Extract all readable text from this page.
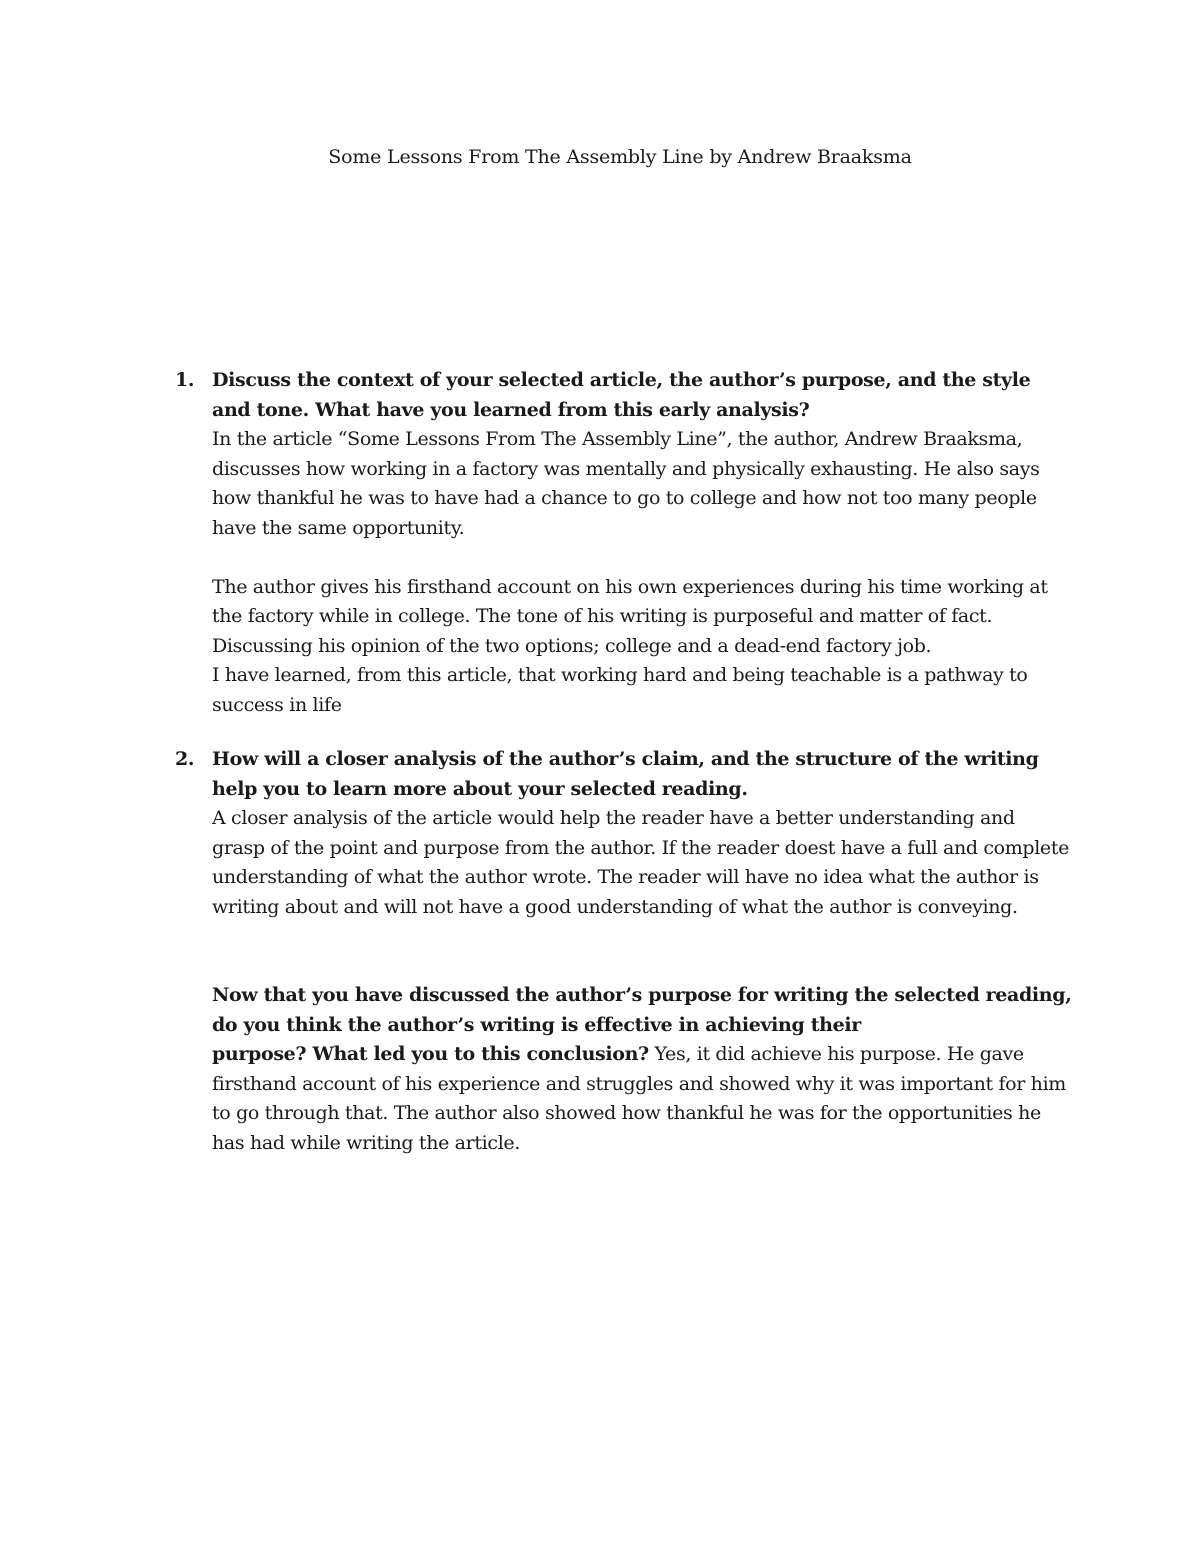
Some Lessons From The Assembly Line by Andrew Braaksma
1. Discuss the context of your selected article, the author’s purpose, and the style and tone. What have you learned from this early analysis?

In the article “Some Lessons From The Assembly Line”, the author, Andrew Braaksma, discusses how working in a factory was mentally and physically exhausting. He also says how thankful he was to have had a chance to go to college and how not too many people have the same opportunity.

The author gives his firsthand account on his own experiences during his time working at the factory while in college. The tone of his writing is purposeful and matter of fact. Discussing his opinion of the two options; college and a dead-end factory job.

I have learned, from this article, that working hard and being teachable is a pathway to success in life

2. How will a closer analysis of the author’s claim, and the structure of the writing help you to learn more about your selected reading.

A closer analysis of the article would help the reader have a better understanding and grasp of the point and purpose from the author. If the reader doest have a full and complete understanding of what the author wrote. The reader will have no idea what the author is writing about and will not have a good understanding of what the author is conveying.

Now that you have discussed the author’s purpose for writing the selected reading,

do you think the author’s writing is effective in achieving their

purpose? What led you to this conclusion? Yes, it did achieve his purpose. He gave firsthand account of his experience and struggles and showed why it was important for him to go through that. The author also showed how thankful he was for the opportunities he has had while writing the article.
